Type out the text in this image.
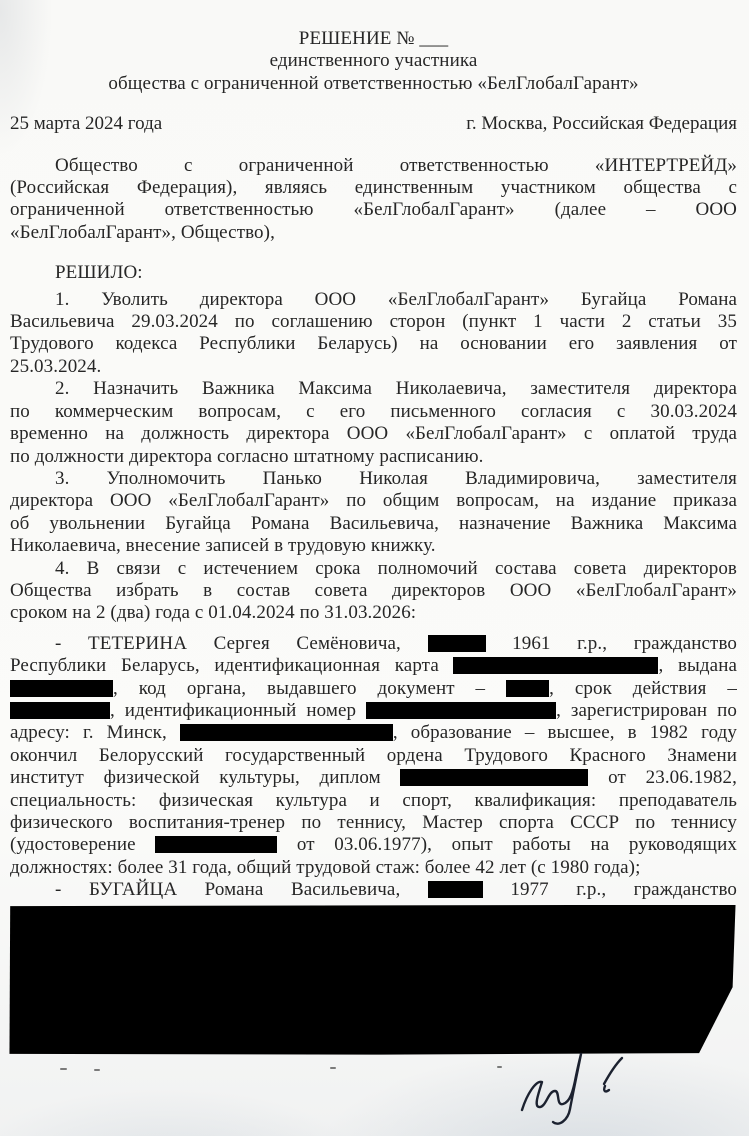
РЕШЕНИЕ № ___
единственного участника
общества с ограниченной ответственностью «БелГлобалГарант»
25 марта 2024 года	г. Москва, Российская Федерация
Общество с ограниченной ответственностью «ИНТЕРТРЕЙД»
(Российская Федерация), являясь единственным участником общества с
ограниченной ответственностью «БелГлобалГарант» (далее – ООО
«БелГлобалГарант», Общество),
РЕШИЛО:
1. Уволить директора ООО «БелГлобалГарант» Бугайца Романа
Васильевича 29.03.2024 по соглашению сторон (пункт 1 части 2 статьи 35
Трудового кодекса Республики Беларусь) на основании его заявления от
25.03.2024.
2. Назначить Важника Максима Николаевича, заместителя директора
по коммерческим вопросам, с его письменного согласия с 30.03.2024
временно на должность директора ООО «БелГлобалГарант» с оплатой труда
по должности директора согласно штатному расписанию.
3. Уполномочить Панько Николая Владимировича, заместителя
директора ООО «БелГлобалГарант» по общим вопросам, на издание приказа
об увольнении Бугайца Романа Васильевича, назначение Важника Максима
Николаевича, внесение записей в трудовую книжку.
4. В связи с истечением срока полномочий состава совета директоров
Общества избрать в состав совета директоров ООО «БелГлобалГарант»
сроком на 2 (два) года с 01.04.2024 по 31.03.2026:
- ТЕТЕРИНА Сергея Семёновича,	1961 г.р., гражданство
Республики Беларусь, идентификационная карта	, выдана
, код органа, выдавшего документ – , срок действия –
, идентификационный номер	, зарегистрирован по
адресу: г. Минск,	, образование – высшее, в 1982 году
окончил Белорусский государственный ордена Трудового Красного Знамени
институт физической культуры, диплом	от 23.06.1982,
специальность: физическая культура и спорт, квалификация: преподаватель
физического воспитания-тренер по теннису, Мастер спорта СССР по теннису
(удостоверение	от 03.06.1977), опыт работы на руководящих
должностях: более 31 года, общий трудовой стаж: более 42 лет (с 1980 года);
- БУГАЙЦА Романа Васильевича,	1977 г.р., гражданство
